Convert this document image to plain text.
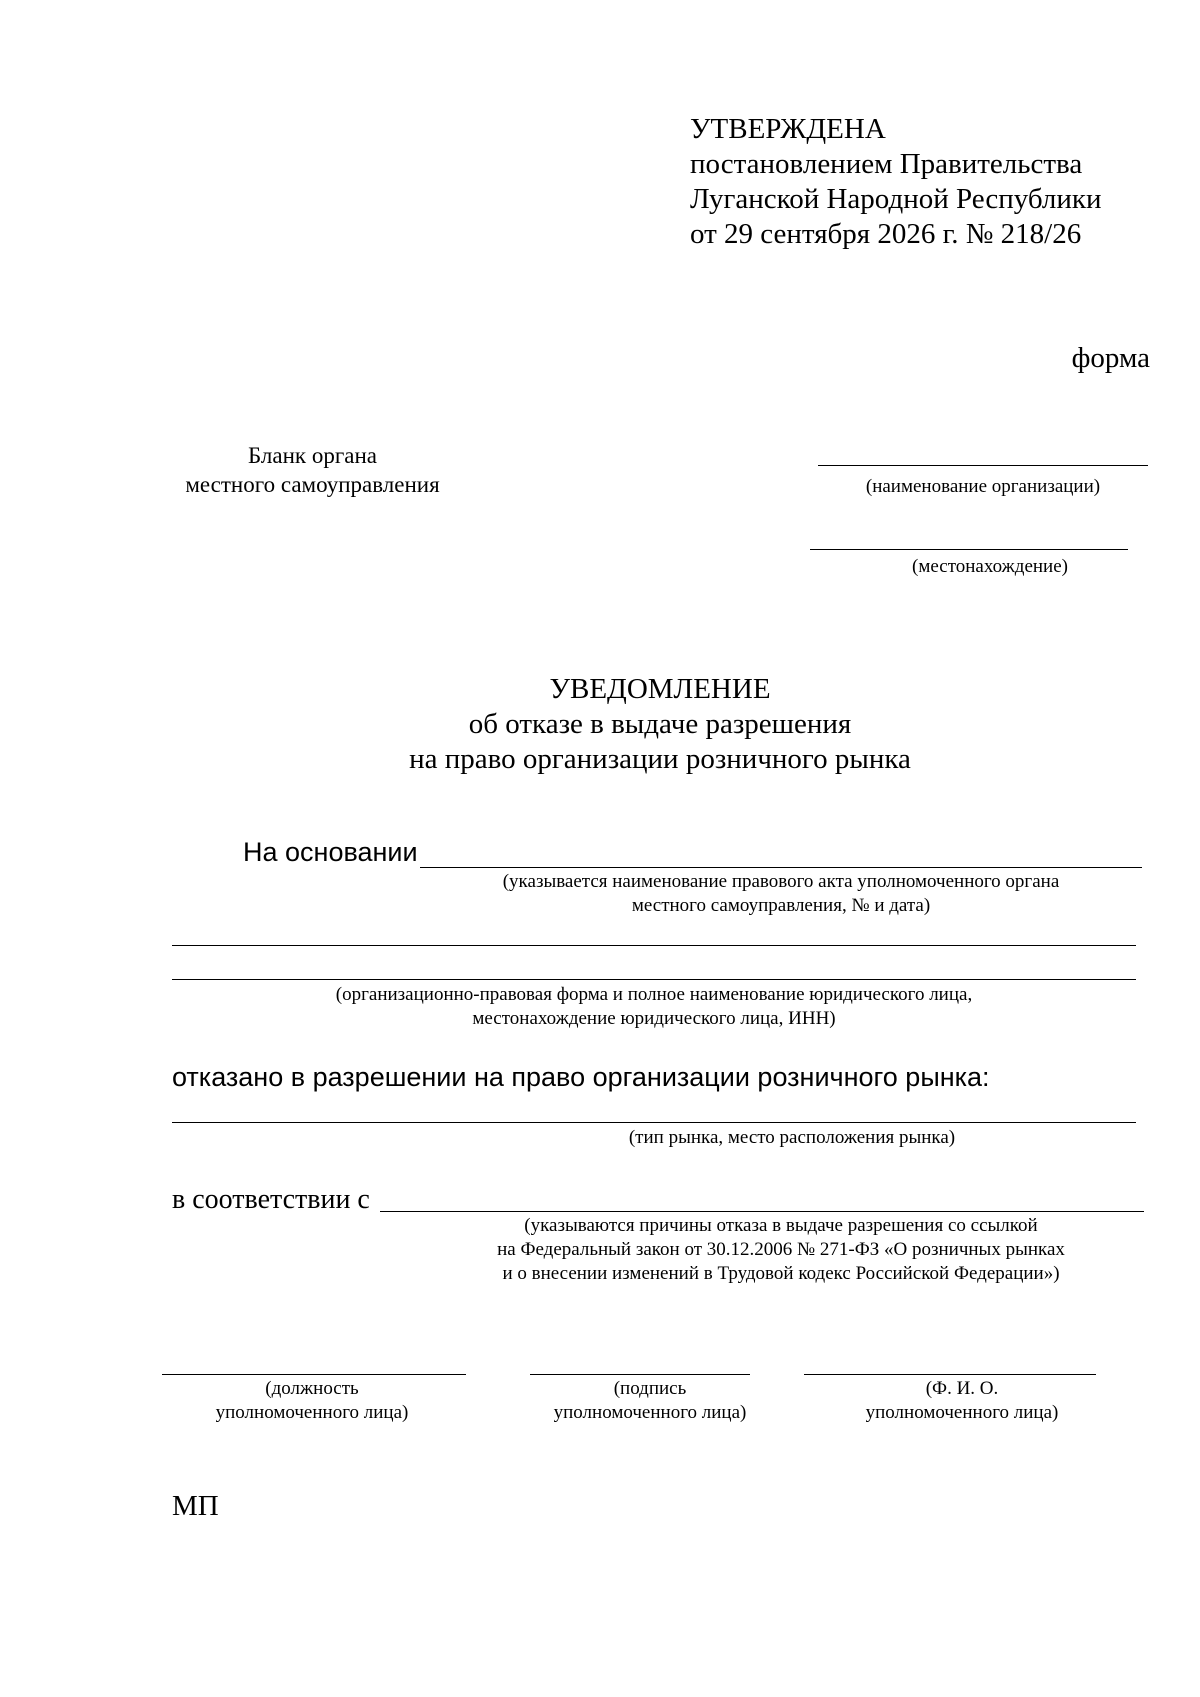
УТВЕРЖДЕНА
постановлением Правительства
Луганской Народной Республики
от 29 сентября 2026 г. № 218/26
форма
Бланк органа
местного самоуправления	(наименование организации)
(местонахождение)
УВЕДОМЛЕНИЕ
об отказе в выдаче разрешения
на право организации розничного рынка
На основании
(указывается наименование правового акта уполномоченного органа
местного самоуправления, № и дата)
(организационно-правовая форма и полное наименование юридического лица,
местонахождение юридического лица, ИНН)
отказано в разрешении на право организации розничного рынка:
(тип рынка, место расположения рынка)
в соответствии с
(указываются причины отказа в выдаче разрешения со ссылкой
на Федеральный закон от 30.12.2006 № 271-ФЗ «О розничных рынках
и о внесении изменений в Трудовой кодекс Российской Федерации»)
(должность
уполномоченного лица)
(подпись
уполномоченного лица)
(Ф. И. О.
уполномоченного лица)
МП
